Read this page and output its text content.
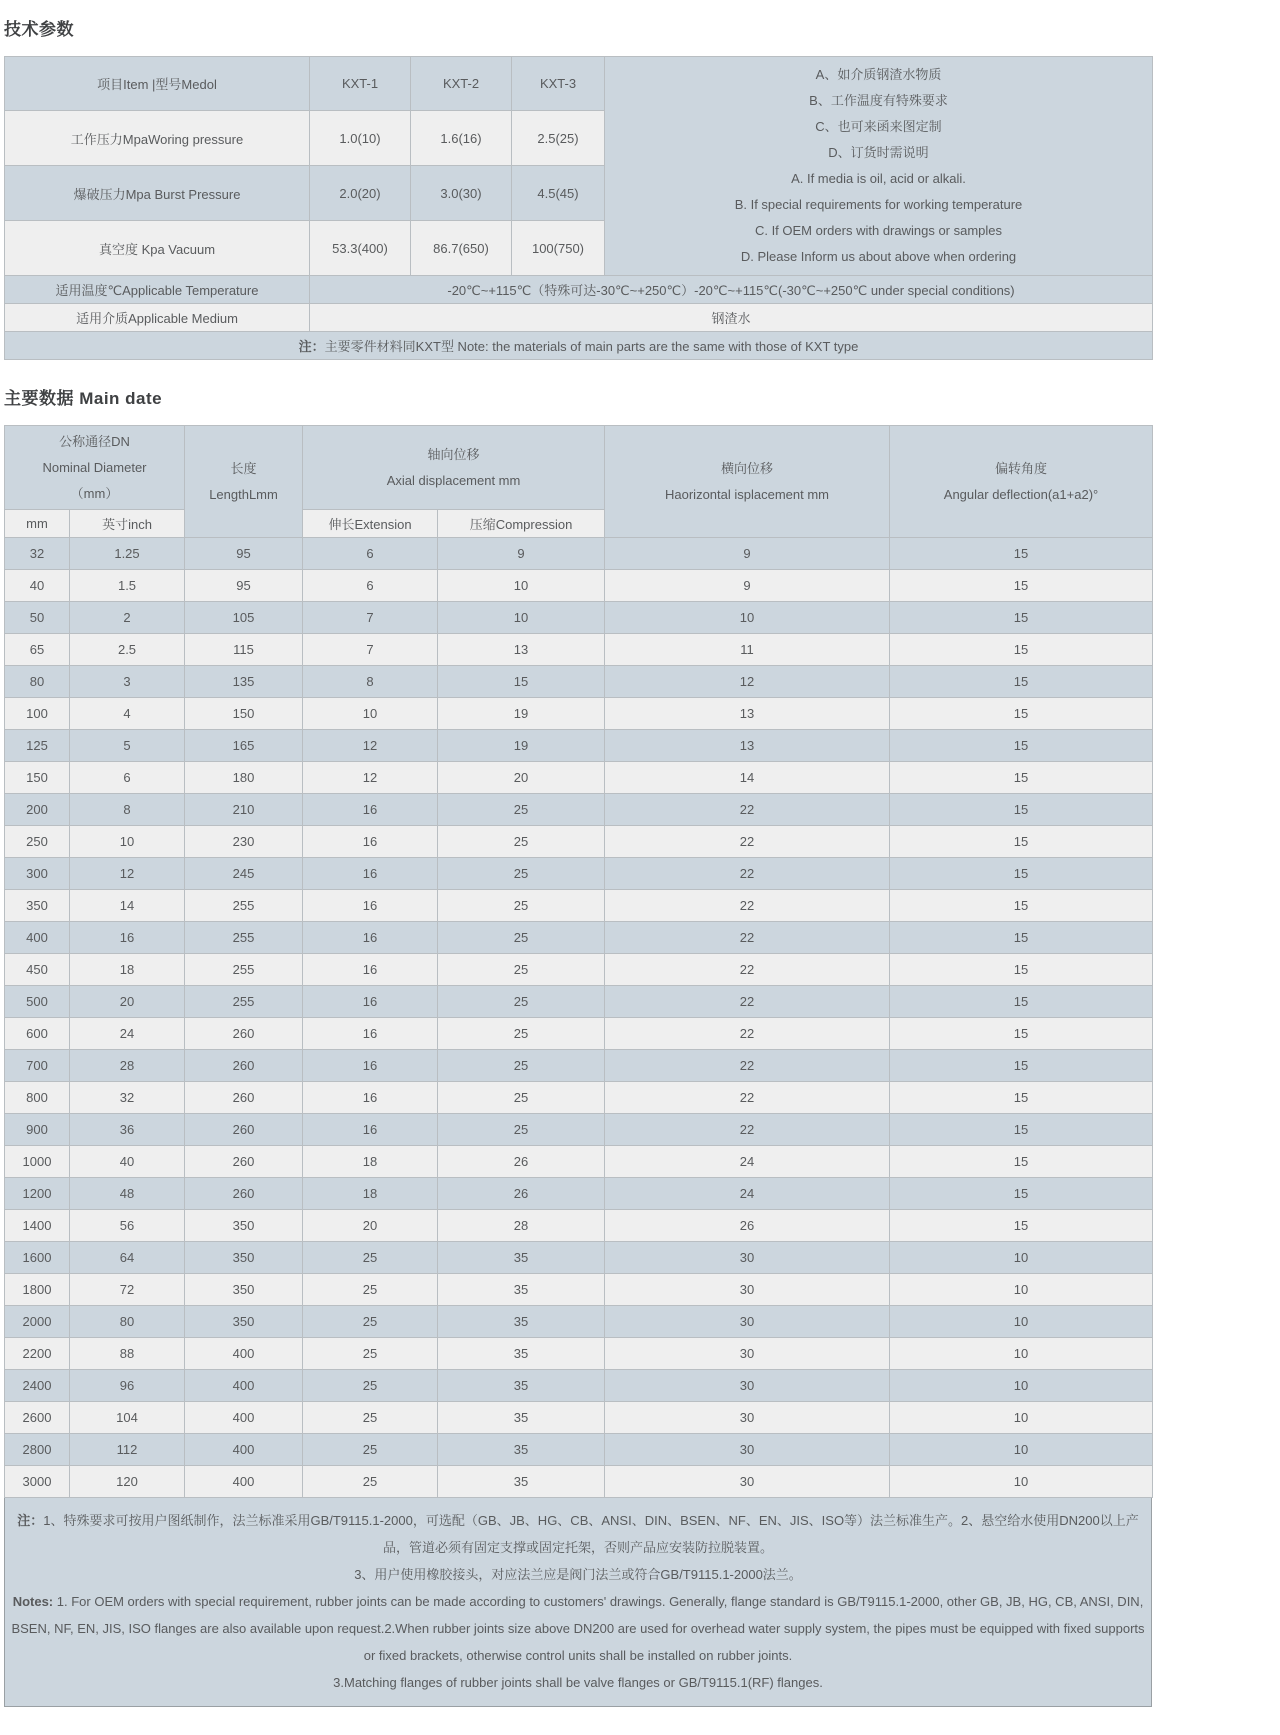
技术参数
项目Item |型号Medol	KXT-1	KXT-2	KXT-3	
A、如介质钢渣水物质
B、工作温度有特殊要求
C、也可来函来图定制
D、订货时需说明
A. If media is oil, acid or alkali.
B. If special requirements for working temperature
C. If OEM orders with drawings or samples
D. Please Inform us about above when ordering

工作压力MpaWoring pressure	1.0(10)	1.6(16)	2.5(25)	
爆破压力Mpa Burst Pressure	2.0(20)	3.0(30)	4.5(45)	
真空度 Kpa Vacuum	53.3(400)	86.7(650)	100(750)	
适用温度℃Applicable Temperature	-20℃~+115℃（特殊可达-30℃~+250℃）-20℃~+115℃(-30℃~+250℃ under special conditions)			
适用介质Applicable Medium	钢渣水			
注：主要零件材料同KXT型 Note: the materials of main parts are the same with those of KXT type				
主要数据 Main date
公称通径DN
Nominal Diameter
（mm）

长度
LengthLmm

轴向位移
Axial displacement mm

横向位移
Haorizontal isplacement mm

偏转角度
Angular deflection(a1+a2)°

mm	英寸inch		伸长Extension	压缩Compression		
32	1.25	95	6	9	9	15
40	1.5	95	6	10	9	15
50	2	105	7	10	10	15
65	2.5	115	7	13	11	15
80	3	135	8	15	12	15
100	4	150	10	19	13	15
125	5	165	12	19	13	15
150	6	180	12	20	14	15
200	8	210	16	25	22	15
250	10	230	16	25	22	15
300	12	245	16	25	22	15
350	14	255	16	25	22	15
400	16	255	16	25	22	15
450	18	255	16	25	22	15
500	20	255	16	25	22	15
600	24	260	16	25	22	15
700	28	260	16	25	22	15
800	32	260	16	25	22	15
900	36	260	16	25	22	15
1000	40	260	18	26	24	15
1200	48	260	18	26	24	15
1400	56	350	20	28	26	15
1600	64	350	25	35	30	10
1800	72	350	25	35	30	10
2000	80	350	25	35	30	10
2200	88	400	25	35	30	10
2400	96	400	25	35	30	10
2600	104	400	25	35	30	10
2800	112	400	25	35	30	10
3000	120	400	25	35	30	10

注：1、特殊要求可按用户图纸制作，法兰标准采用GB/T9115.1-2000，可选配（GB、JB、HG、CB、ANSI、DIN、BSEN、NF、EN、JIS、ISO等）法兰标准生产。2、悬空给水使用DN200以上产品，管道必须有固定支撑或固定托架，否则产品应安装防拉脱装置。

3、用户使用橡胶接头，对应法兰应是阀门法兰或符合GB/T9115.1-2000法兰。

Notes: 1. For OEM orders with special requirement, rubber joints can be made according to customers' drawings. Generally, flange standard is GB/T9115.1-2000, other GB, JB, HG, CB, ANSI, DIN, BSEN, NF, EN, JIS, ISO flanges are also available upon request.2.When rubber joints size above DN200 are used for overhead water supply system, the pipes must be equipped with fixed supports or fixed brackets, otherwise control units shall be installed on rubber joints.

3.Matching flanges of rubber joints shall be valve flanges or GB/T9115.1(RF) flanges.
